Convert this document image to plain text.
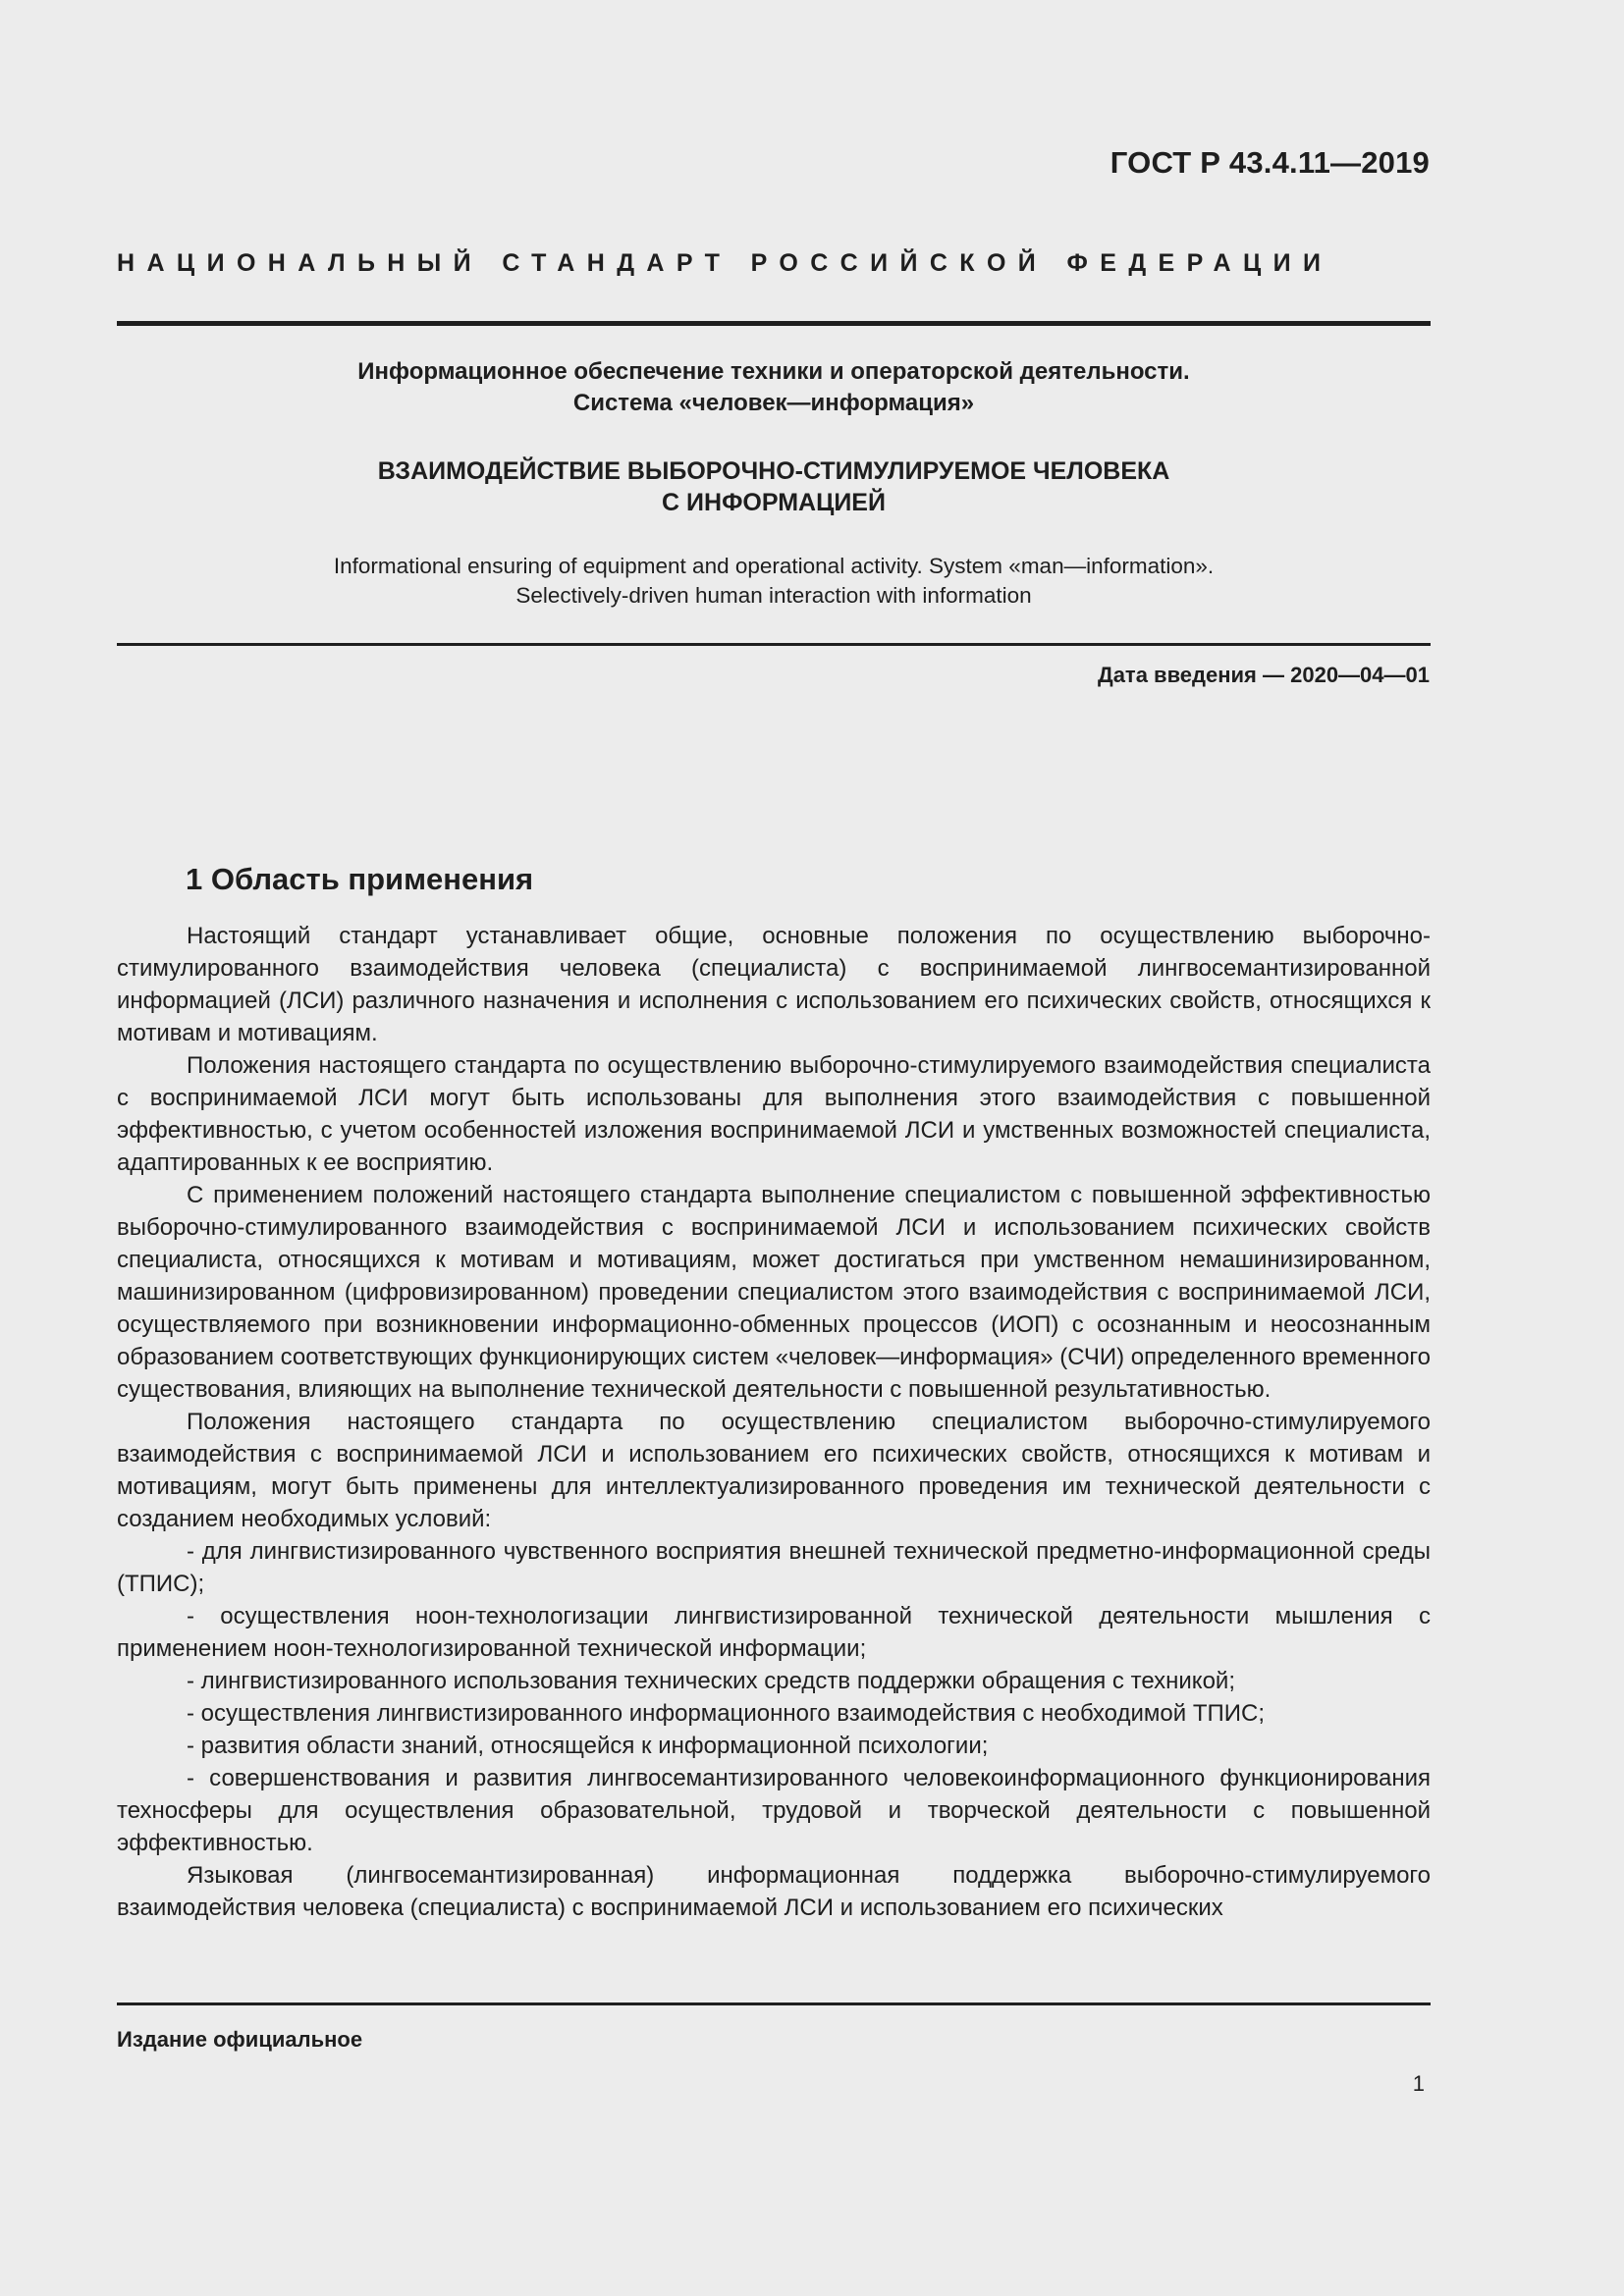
ГОСТ Р 43.4.11—2019
НАЦИОНАЛЬНЫЙ СТАНДАРТ РОССИЙСКОЙ ФЕДЕРАЦИИ
Информационное обеспечение техники и операторской деятельности.
Система «человек—информация»
ВЗАИМОДЕЙСТВИЕ ВЫБОРОЧНО-СТИМУЛИРУЕМОЕ ЧЕЛОВЕКА
С ИНФОРМАЦИЕЙ
Informational ensuring of equipment and operational activity. System «man—information».
Selectively-driven human interaction with information
Дата введения — 2020—04—01
1 Область применения

Настоящий стандарт устанавливает общие, основные положения по осуществлению выборочно-стимулированного взаимодействия человека (специалиста) с воспринимаемой лингвосемантизированной информацией (ЛСИ) различного назначения и исполнения с использованием его психических свойств, относящихся к мотивам и мотивациям.

Положения настоящего стандарта по осуществлению выборочно-стимулируемого взаимодействия специалиста с воспринимаемой ЛСИ могут быть использованы для выполнения этого взаимодействия с повышенной эффективностью, с учетом особенностей изложения воспринимаемой ЛСИ и умственных возможностей специалиста, адаптированных к ее восприятию.

С применением положений настоящего стандарта выполнение специалистом с повышенной эффективностью выборочно-стимулированного взаимодействия с воспринимаемой ЛСИ и использованием психических свойств специалиста, относящихся к мотивам и мотивациям, может достигаться при умственном немашинизированном, машинизированном (цифровизированном) проведении специалистом этого взаимодействия с воспринимаемой ЛСИ, осуществляемого при возникновении информационно-обменных процессов (ИОП) с осознанным и неосознанным образованием соответствующих функционирующих систем «человек—информация» (СЧИ) определенного временного существования, влияющих на выполнение технической деятельности с повышенной результативностью.

Положения настоящего стандарта по осуществлению специалистом выборочно-стимулируемого взаимодействия с воспринимаемой ЛСИ и использованием его психических свойств, относящихся к мотивам и мотивациям, могут быть применены для интеллектуализированного проведения им технической деятельности с созданием необходимых условий:

- для лингвистизированного чувственного восприятия внешней технической предметно-информационной среды (ТПИС);

- осуществления ноон-технологизации лингвистизированной технической деятельности мышления с применением ноон-технологизированной технической информации;

- лингвистизированного использования технических средств поддержки обращения с техникой;

- осуществления лингвистизированного информационного взаимодействия с необходимой ТПИС;

- развития области знаний, относящейся к информационной психологии;

- совершенствования и развития лингвосемантизированного человекоинформационного функционирования техносферы для осуществления образовательной, трудовой и творческой деятельности с повышенной эффективностью.

Языковая (лингвосемантизированная) информационная поддержка выборочно-стимулируемого взаимодействия человека (специалиста) с воспринимаемой ЛСИ и использованием его психических

Издание официальное
1
